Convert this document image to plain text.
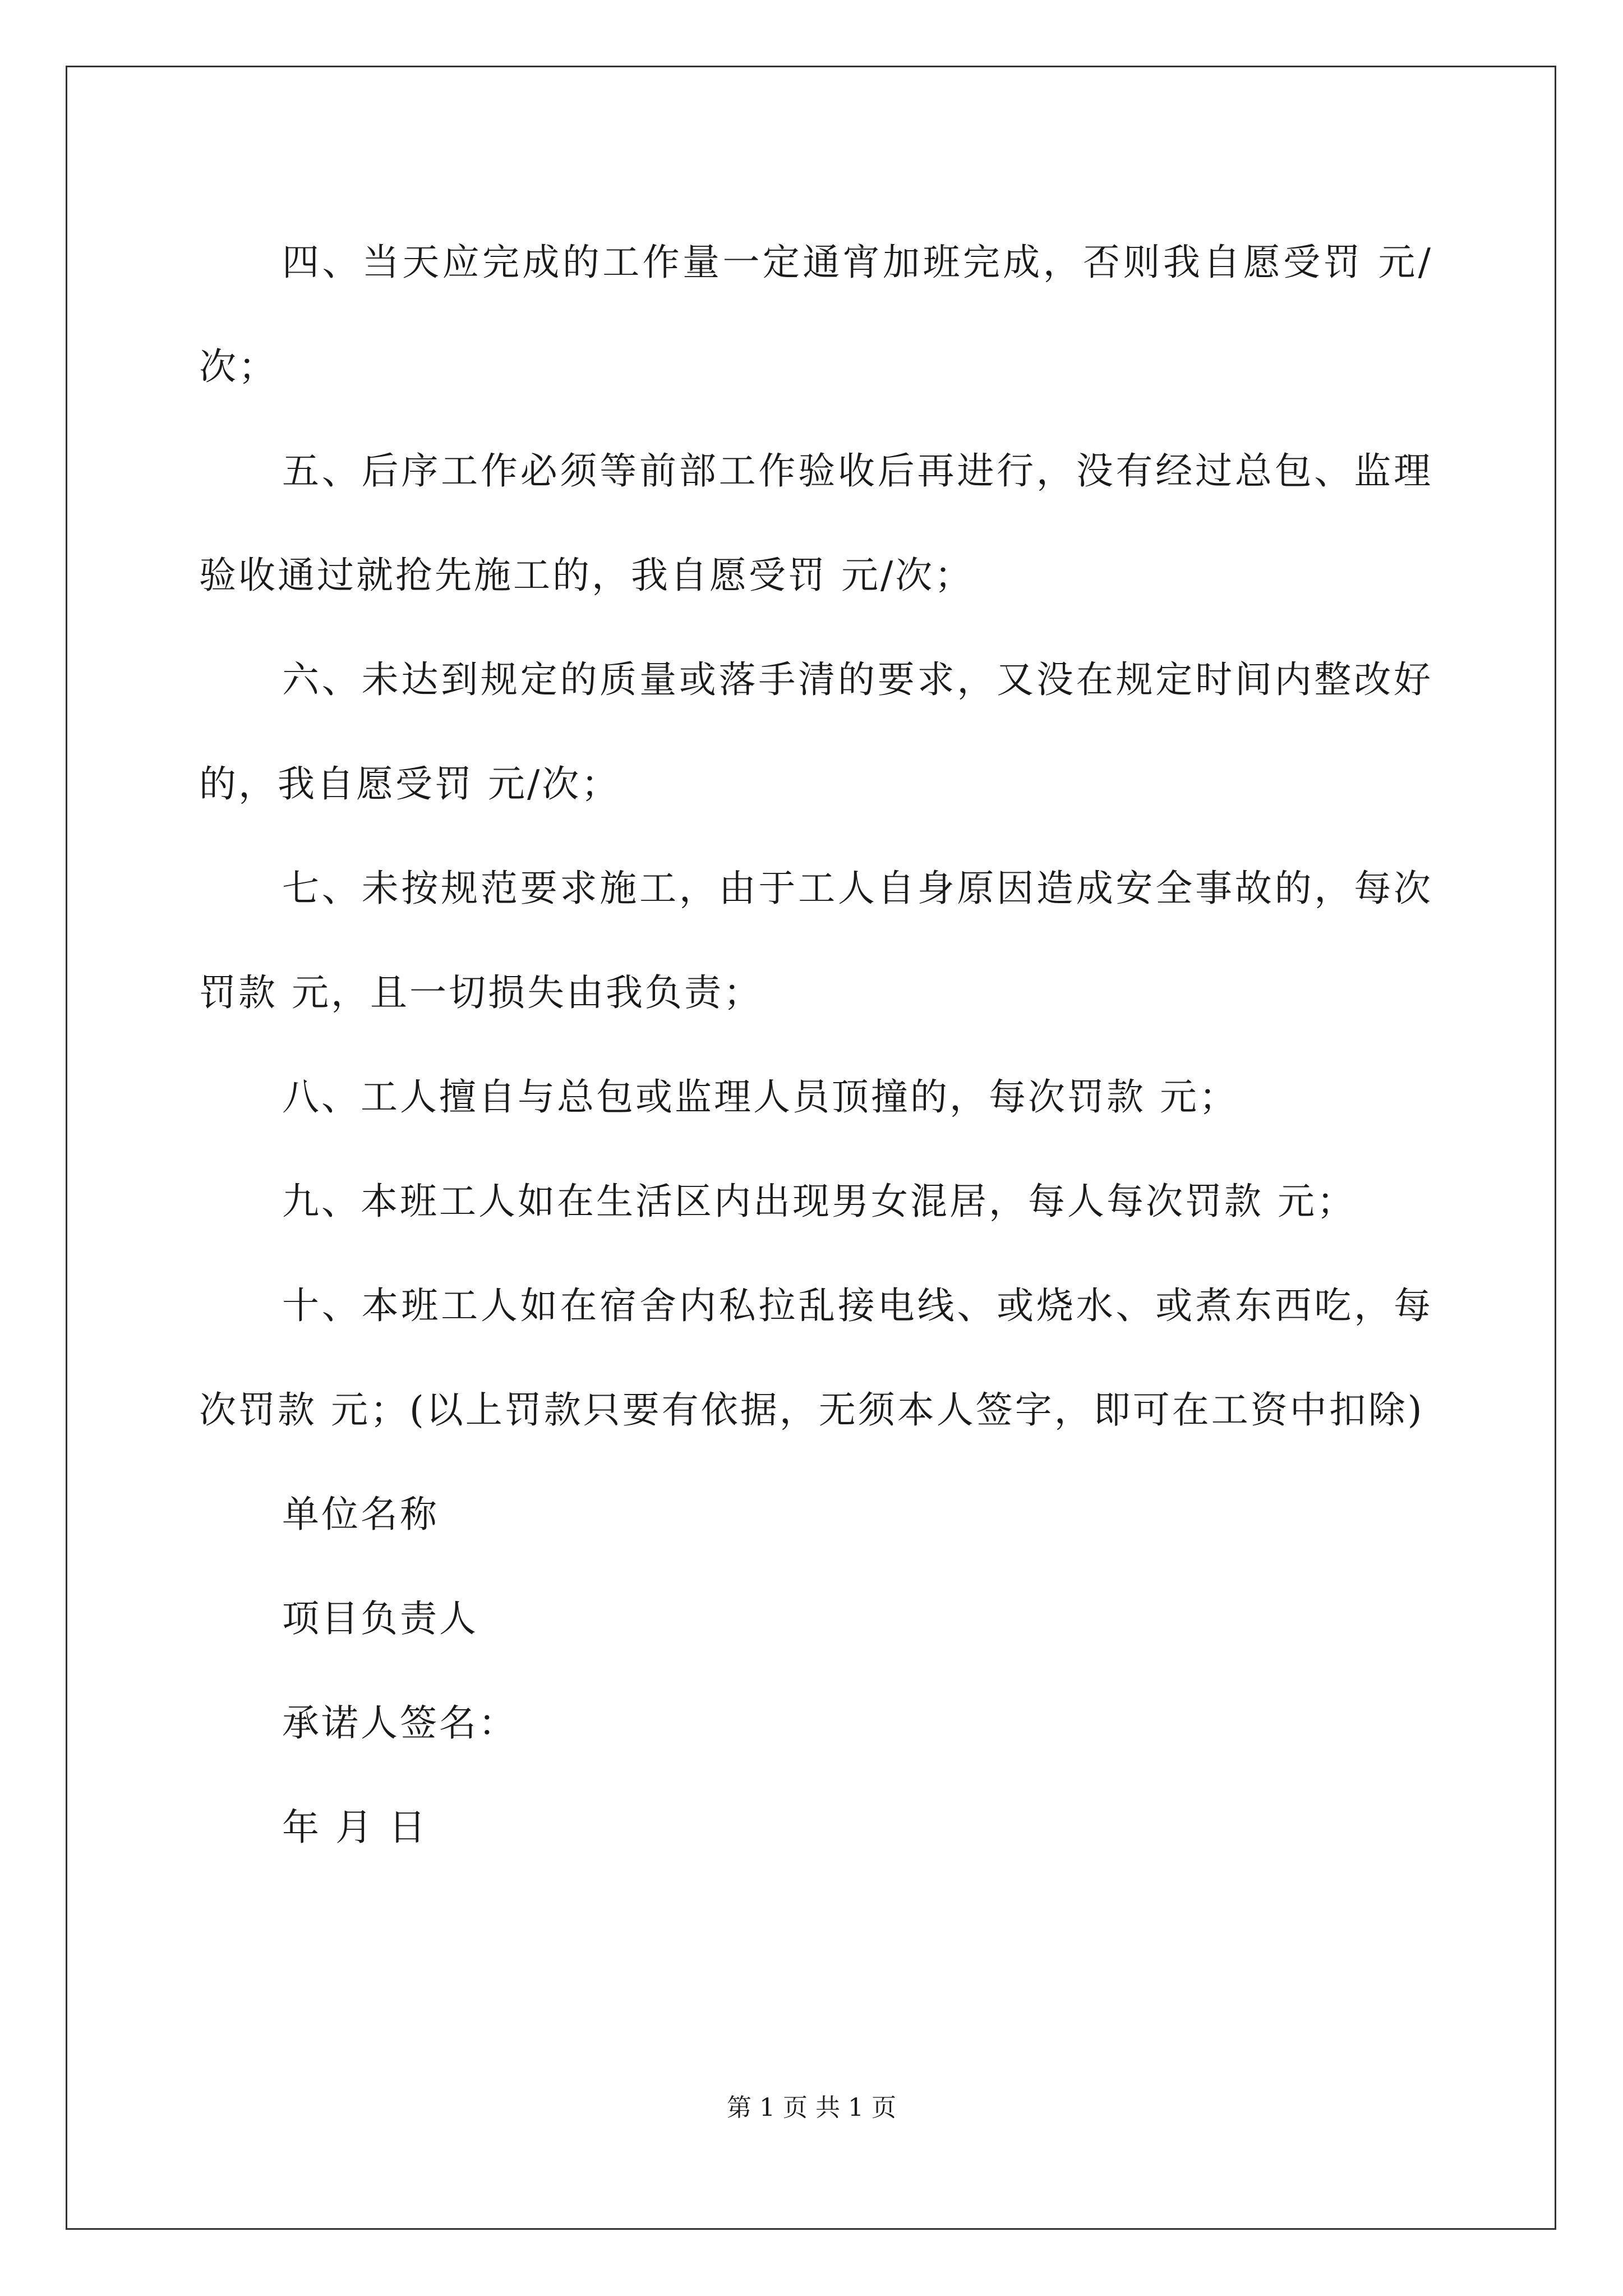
四、当天应完成的工作量一定通宵加班完成，否则我自愿受罚 元/次；

五、后序工作必须等前部工作验收后再进行，没有经过总包、监理验收通过就抢先施工的，我自愿受罚 元/次；

六、未达到规定的质量或落手清的要求，又没在规定时间内整改好的，我自愿受罚 元/次；

七、未按规范要求施工，由于工人自身原因造成安全事故的，每次罚款 元，且一切损失由我负责；

八、工人擅自与总包或监理人员顶撞的，每次罚款 元；

九、本班工人如在生活区内出现男女混居，每人每次罚款 元；

十、本班工人如在宿舍内私拉乱接电线、或烧水、或煮东西吃，每次罚款 元；(以上罚款只要有依据，无须本人签字，即可在工资中扣除)

单位名称

项目负责人

承诺人签名：

年 月 日

第 1 页 共 1 页
